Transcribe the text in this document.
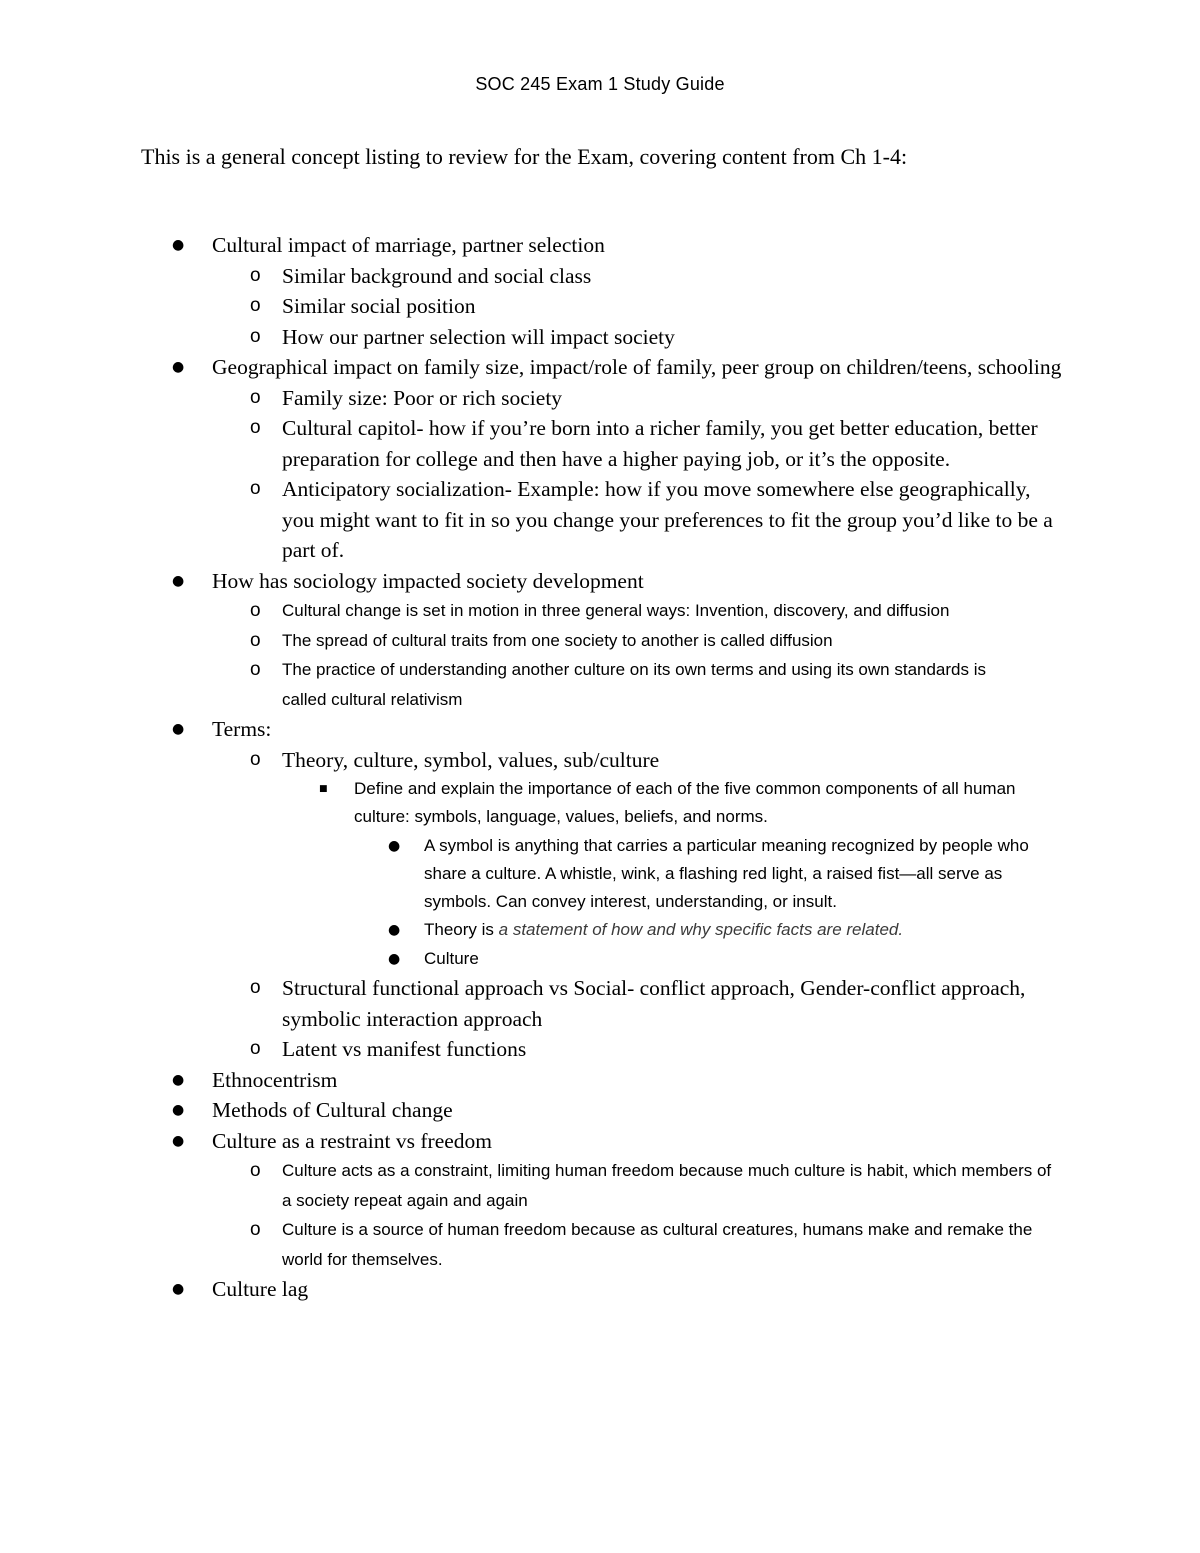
SOC 245 Exam 1 Study Guide
This is a general concept listing to review for the Exam, covering content from Ch 1-4:
● Cultural impact of marriage, partner selection
o Similar background and social class
o Similar social position
o How our partner selection will impact society
● Geographical impact on family size, impact/role of family, peer group on children/teens, schooling
o Family size: Poor or rich society
o Cultural capitol- how if you’re born into a richer family, you get better education, better preparation for college and then have a higher paying job, or it’s the opposite.
o Anticipatory socialization- Example: how if you move somewhere else geographically, you might want to fit in so you change your preferences to fit the group you’d like to be a part of.
● How has sociology impacted society development
o Cultural change is set in motion in three general ways: Invention, discovery, and diffusion
o The spread of cultural traits from one society to another is called diffusion
o The practice of understanding another culture on its own terms and using its own standards is called cultural relativism
● Terms:
o Theory, culture, symbol, values, sub/culture
■ Define and explain the importance of each of the five common components of all human culture: symbols, language, values, beliefs, and norms.
● A symbol is anything that carries a particular meaning recognized by people who share a culture. A whistle, wink, a flashing red light, a raised fist—all serve as symbols. Can convey interest, understanding, or insult.
● Theory is a statement of how and why specific facts are related.
● Culture
o Structural functional approach vs Social- conflict approach, Gender-conflict approach, symbolic interaction approach
o Latent vs manifest functions
● Ethnocentrism
● Methods of Cultural change
● Culture as a restraint vs freedom
o Culture acts as a constraint, limiting human freedom because much culture is habit, which members of a society repeat again and again
o Culture is a source of human freedom because as cultural creatures, humans make and remake the world for themselves.
● Culture lag
